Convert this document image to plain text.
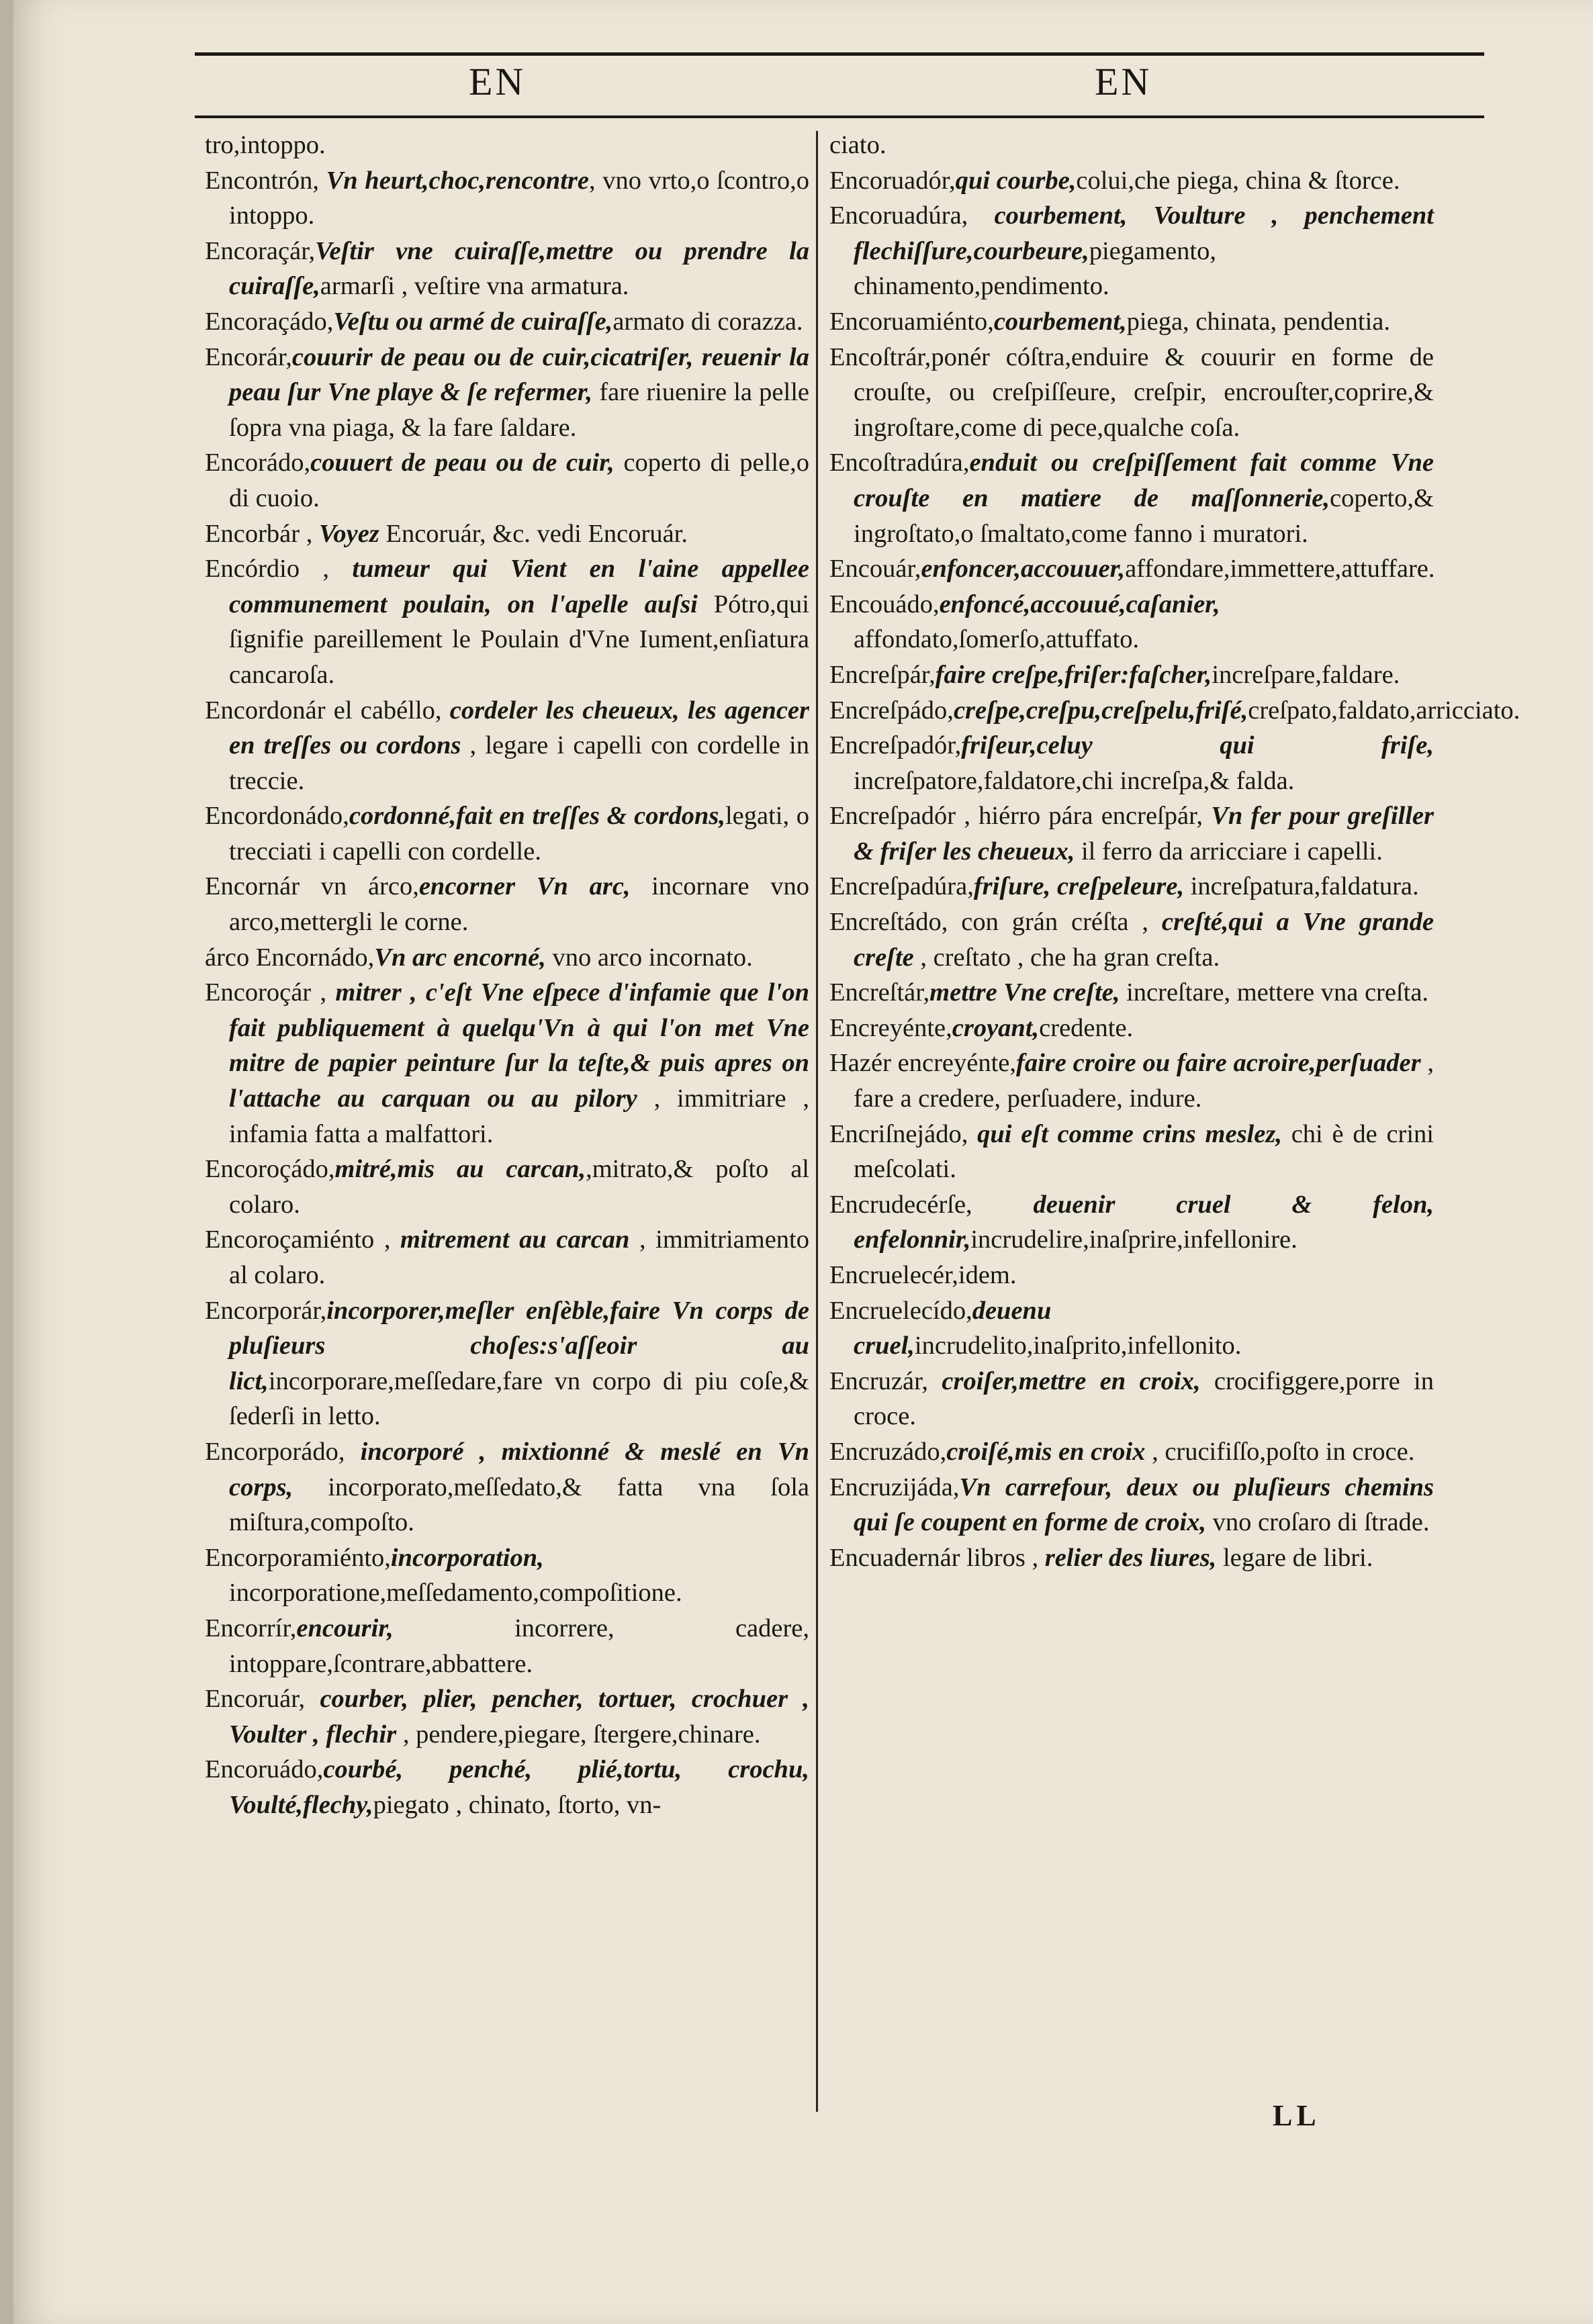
EN	EN

tro,intoppo.

Encontrón, Vn heurt,choc,rencontre, vno vrto,o ſcontro,o intoppo.

Encoraçár,Veſtir vne cuiraſſe,mettre ou prendre la cuiraſſe,armarſi , veſtire vna armatura.

Encoraçádo,Veſtu ou armé de cuiraſſe,armato di corazza.

Encorár,couurir de peau ou de cuir,cicatriſer, reuenir la peau ſur Vne playe & ſe refermer, fare riuenire la pelle ſopra vna piaga, & la fare ſaldare.

Encorádo,couuert de peau ou de cuir, coperto di pelle,o di cuoio.

Encorbár , Voyez Encoruár, &c. vedi Encoruár.

Encórdio , tumeur qui Vient en l'aine appellee communement poulain, on l'apelle auſsi Pótro,qui ſignifie pareillement le Poulain d'Vne Iument,enſiatura cancaroſa.

Encordonár el cabéllo, cordeler les cheueux, les agencer en treſſes ou cordons , legare i capelli con cordelle in treccie.

Encordonádo,cordonné,fait en treſſes & cordons,legati, o trecciati i capelli con cordelle.

Encornár vn árco,encorner Vn arc, incornare vno arco,mettergli le corne.

árco Encornádo,Vn arc encorné, vno arco incornato.

Encoroçár , mitrer , c'eſt Vne eſpece d'infamie que l'on fait publiquement à quelqu'Vn à qui l'on met Vne mitre de papier peinture ſur la teſte,& puis apres on l'attache au carquan ou au pilory , immitriare , infamia fatta a malfattori.

Encoroçádo,mitré,mis au carcan,,mitrato,& poſto al colaro.

Encoroçamiénto , mitrement au carcan , immitriamento al colaro.

Encorporár,incorporer,meſler enſèble,faire Vn corps de pluſieurs choſes:s'aſſeoir au lict,incorporare,meſſedare,fare vn corpo di piu coſe,& ſederſi in letto.

Encorporádo, incorporé , mixtionné & meslé en Vn corps, incorporato,meſſedato,& fatta vna ſola miſtura,compoſto.

Encorporamiénto,incorporation, incorporatione,meſſedamento,compoſitione.

Encorrír,encourir, incorrere, cadere, intoppare,ſcontrare,abbattere.

Encoruár, courber, plier, pencher, tortuer, crochuer , Voulter , flechir , pendere,piegare, ſtergere,chinare.

Encoruádo,courbé, penché, plié,tortu, crochu, Voulté,flechy,piegato , chinato, ſtorto, vn-

ciato.

Encoruadór,qui courbe,colui,che piega, china & ſtorce.

Encoruadúra, courbement, Voulture , penchement flechiſſure,courbeure,piegamento, chinamento,pendimento.

Encoruamiénto,courbement,piega, chinata, pendentia.

Encoſtrár,ponér cóſtra,enduire & couurir en forme de crouſte, ou creſpiſſeure, creſpir, encrouſter,coprire,& ingroſtare,come di pece,qualche coſa.

Encoſtradúra,enduit ou creſpiſſement fait comme Vne crouſte en matiere de maſſonnerie,coperto,& ingroſtato,o ſmaltato,come fanno i muratori.

Encouár,enfoncer,accouuer,affondare,immettere,attuffare.

Encouádo,enfoncé,accouué,caſanier, affondato,ſomerſo,attuffato.

Encreſpár,faire creſpe,friſer:faſcher,increſpare,faldare.

Encreſpádo,creſpe,creſpu,creſpelu,friſé,creſpato,faldato,arricciato.

Encreſpadór,friſeur,celuy qui friſe, increſpatore,faldatore,chi increſpa,& falda.

Encreſpadór , hiérro pára encreſpár, Vn fer pour greſiller & friſer les cheueux, il ferro da arricciare i capelli.

Encreſpadúra,friſure, creſpeleure, increſpatura,faldatura.

Encreſtádo, con grán créſta , creſté,qui a Vne grande creſte , creſtato , che ha gran creſta.

Encreſtár,mettre Vne creſte, increſtare, mettere vna creſta.

Encreyénte,croyant,credente.

Hazér encreyénte,faire croire ou faire acroire,perſuader , fare a credere, perſuadere, indure.

Encriſnejádo, qui eſt comme crins meslez, chi è de crini meſcolati.

Encrudecérſe, deuenir cruel & felon, enfelonnir,incrudelire,inaſprire,infellonire.

Encruelecér,idem.

Encruelecído,deuenu cruel,incrudelito,inaſprito,infellonito.

Encruzár, croiſer,mettre en croix, crocifiggere,porre in croce.

Encruzádo,croiſé,mis en croix , crucifiſſo,poſto in croce.

Encruzijáda,Vn carrefour, deux ou pluſieurs chemins qui ſe coupent en forme de croix, vno croſaro di ſtrade.

Encuadernár libros , relier des liures, legare de libri.

LL
